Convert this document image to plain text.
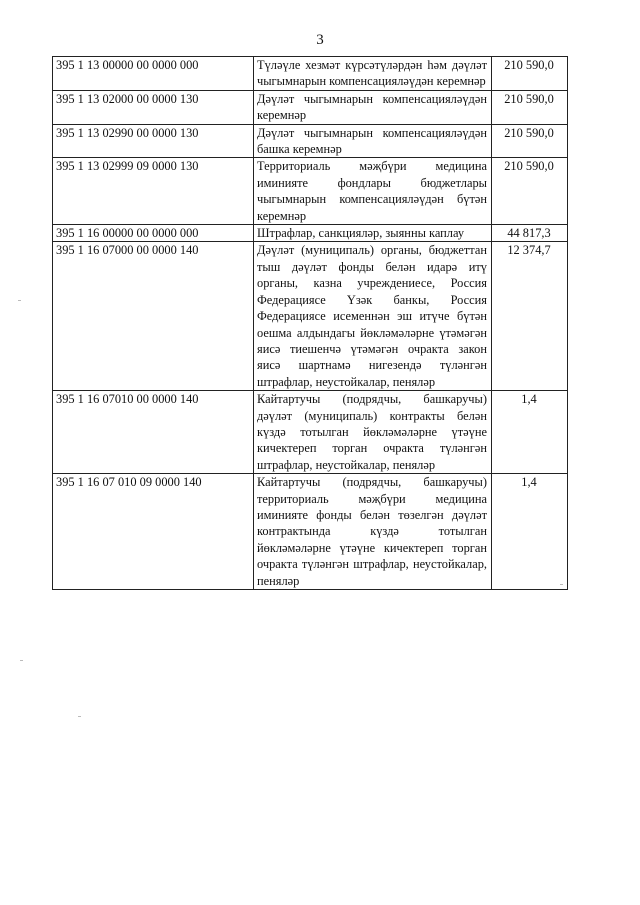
3
395 1 13 00000 00 0000 000	Түләүле хезмәт күрсәтүләрдән һәм дәүләт чыгымнарын компенсацияләүдән керемнәр	210 590,0
395 1 13 02000 00 0000 130	Дәүләт чыгымнарын компенсацияләүдән керемнәр	210 590,0
395 1 13 02990 00 0000 130	Дәүләт чыгымнарын компенсацияләүдән башка керемнәр	210 590,0
395 1 13 02999 09 0000 130	Территориаль мәҗбүри медицина иминияте фондлары бюджетлары чыгымнарын компенсацияләүдән бүтән керемнәр	210 590,0
395 1 16 00000 00 0000 000	Штрафлар, санкцияләр, зыянны каплау	44 817,3
395 1 16 07000 00 0000 140	Дәүләт (муниципаль) органы, бюджеттан тыш дәүләт фонды белән идарә итү органы, казна учреждениесе, Россия Федерациясе Үзәк банкы, Россия Федерациясе исеменнән эш итүче бүтән оешма алдындагы йөкләмәләрне үтәмәгән яисә тиешенчә үтәмәгән очракта закон яисә шартнамә нигезендә түләнгән штрафлар, неустойкалар, пеняләр	12 374,7
395 1 16 07010 00 0000 140	Кайтартучы (подрядчы, башкаручы) дәүләт (муниципаль) контракты белән күздә тотылган йөкләмәләрне үтәүне кичектереп торган очракта түләнгән штрафлар, неустойкалар, пеняләр	1,4
395 1 16 07 010 09 0000 140	Кайтартучы (подрядчы, башкаручы) территориаль мәҗбүри медицина иминияте фонды белән төзелгән дәүләт контрактында күздә тотылган йөкләмәләрне үтәүне кичектереп торган очракта түләнгән штрафлар, неустойкалар, пеняләр	1,4
